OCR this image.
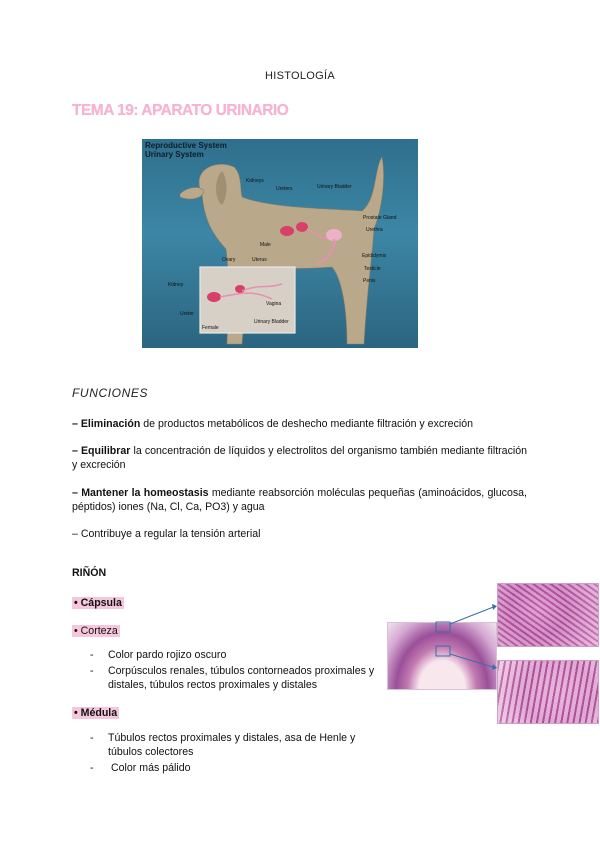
HISTOLOGÍA
TEMA 19: APARATO URINARIO
Reproductive System
Urinary System
Kidneys
Ureters	Urinary Bladder
Prostate Gland
Urethra
Epididymis
Testicle
Penis
Male
Ovary	Uterus
Kidney
Ureter
Vagina
Female
Urinary Bladder
FUNCIONES
– Eliminación de productos metabólicos de deshecho mediante filtración y excreción
– Equilibrar la concentración de líquidos y electrolitos del organismo también mediante filtración y excreción
– Mantener la homeostasis mediante reabsorción moléculas pequeñas (aminoácidos, glucosa, péptidos) iones (Na, Cl, Ca, PO3) y agua
– Contribuye a regular la tensión arterial
RIÑÓN
• Cápsula
• Corteza
- Color pardo rojizo oscuro
- Corpúsculos renales, túbulos contorneados proximales y distales, túbulos rectos proximales y distales
• Médula
- Túbulos rectos proximales y distales, asa de Henle y túbulos colectores
- Color más pálido
